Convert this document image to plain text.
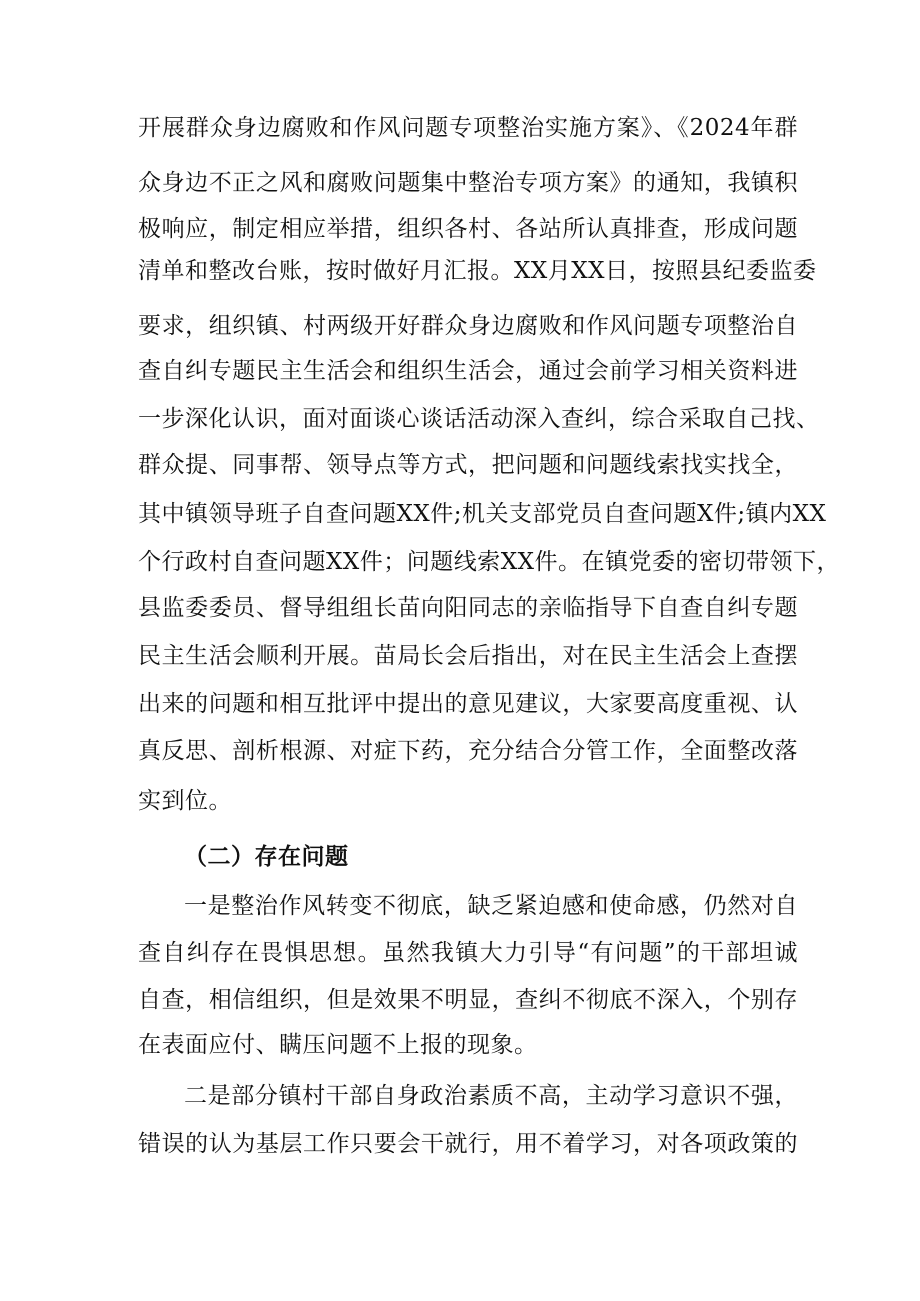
开展群众身边腐败和作风问题专项整治实施方案》、《2024年群
众身边不正之风和腐败问题集中整治专项方案》的通知，我镇积
极响应，制定相应举措，组织各村、各站所认真排查，形成问题
清单和整改台账，按时做好月汇报。XX月XX日，按照县纪委监委
要求，组织镇、村两级开好群众身边腐败和作风问题专项整治自
查自纠专题民主生活会和组织生活会，通过会前学习相关资料进
一步深化认识，面对面谈心谈话活动深入查纠，综合采取自己找、
群众提、同事帮、领导点等方式，把问题和问题线索找实找全，
其中镇领导班子自查问题XX件;机关支部党员自查问题X件;镇内XX
个行政村自查问题XX件；问题线索XX件。在镇党委的密切带领下，
县监委委员、督导组组长苗向阳同志的亲临指导下自查自纠专题
民主生活会顺利开展。苗局长会后指出，对在民主生活会上查摆
出来的问题和相互批评中提出的意见建议，大家要高度重视、认
真反思、剖析根源、对症下药，充分结合分管工作，全面整改落
实到位。
（二）存在问题
一是整治作风转变不彻底，缺乏紧迫感和使命感，仍然对自
查自纠存在畏惧思想。虽然我镇大力引导“有问题”的干部坦诚
自查，相信组织，但是效果不明显，查纠不彻底不深入，个别存
在表面应付、瞒压问题不上报的现象。
二是部分镇村干部自身政治素质不高，主动学习意识不强，
错误的认为基层工作只要会干就行，用不着学习，对各项政策的
